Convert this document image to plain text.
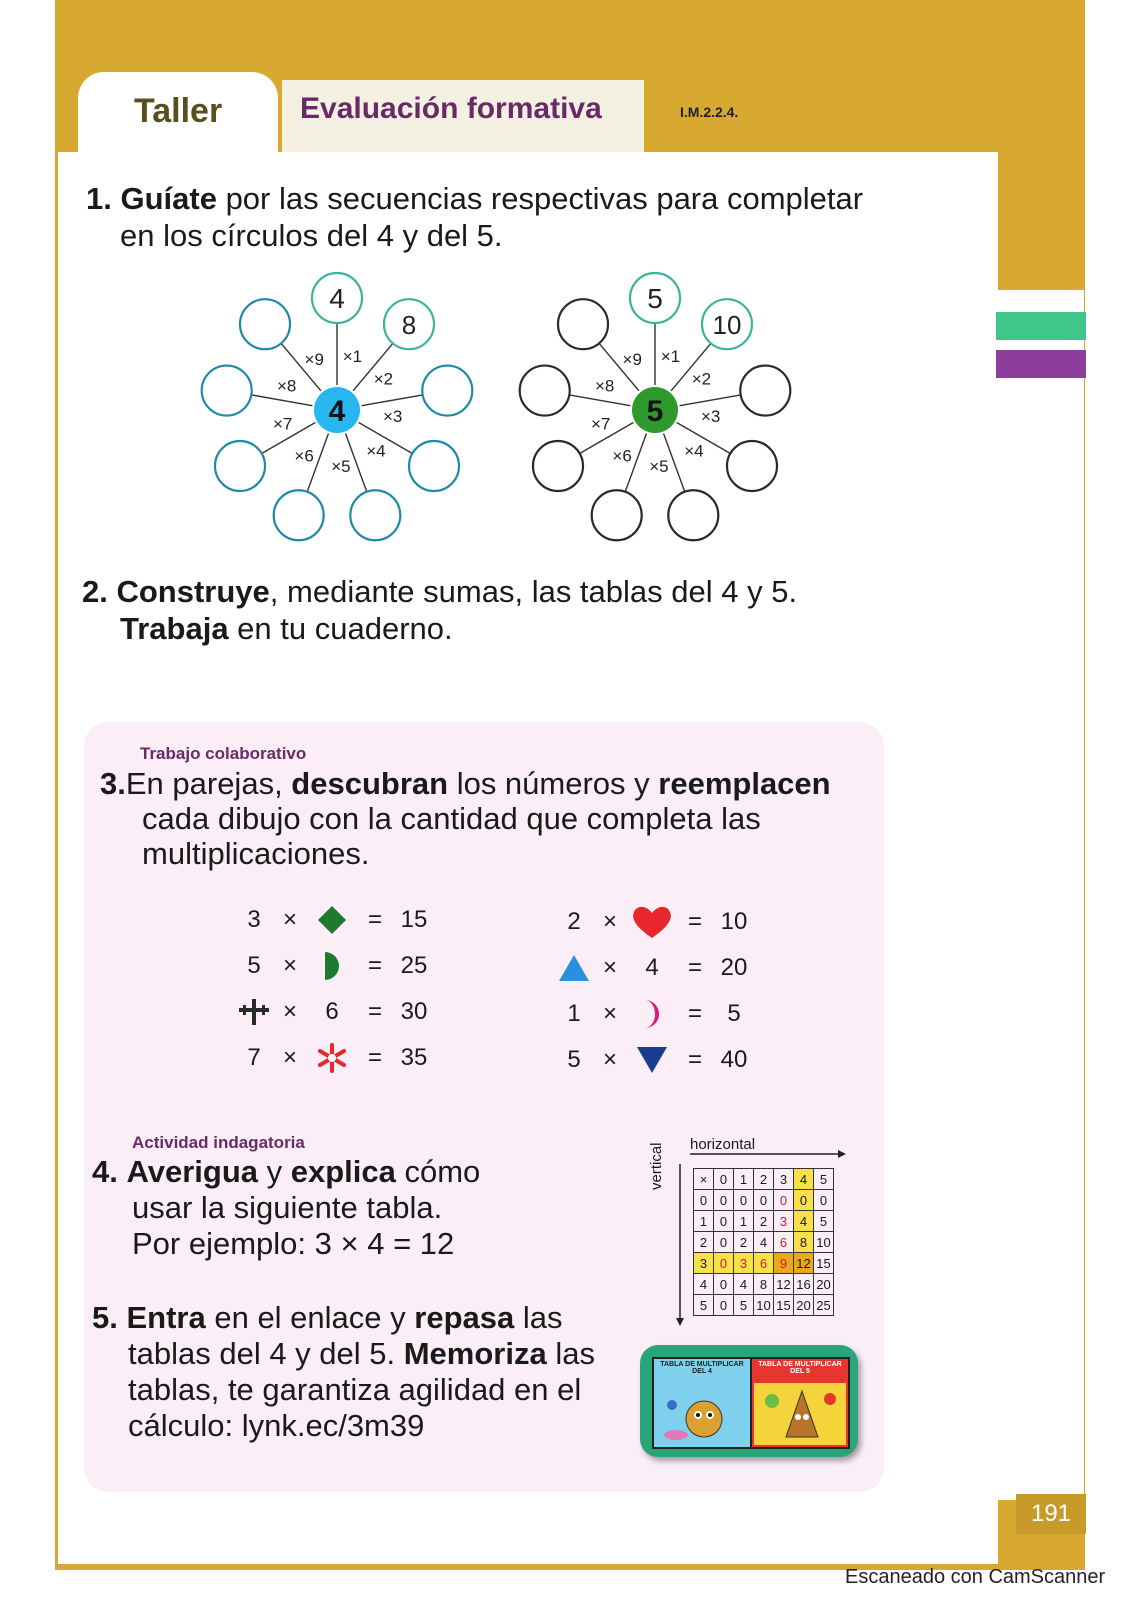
Taller	Evaluación formativa	I.M.2.2.4.
1. Guíate por las secuencias respectivas para completar
en los círculos del 4 y del 5.
×1
4
×2
8
×3
×4
×5
×6
×7
×8
×9
4
×1
5
×2
10
×3
×4
×5
×6
×7
×8
×9
5
2. Construye, mediante sumas, las tablas del 4 y 5.
Trabaja en tu cuaderno.
Trabajo colaborativo
3.En parejas, descubran los números y reemplacen
cada dibujo con la cantidad que completa las
multiplicaciones.
3 ×	= 15
5 ×	= 25
×	6	= 30
7 ×	= 35
2 ×	= 10
×	4	= 20
1 ×	=	5
5 ×	= 40
Actividad indagatoria
4. Averigua y explica cómo
usar la siguiente tabla.
Por ejemplo: 3 × 4 = 12
horizontal
vertical	×	0	1	2	3	4	5
0	0	0	0	0	0	0
1	0	1	2	3	4	5
2	0	2	4	6	8	10
3	0	3	6	9	12	15
4	0	4	8	12	16	20
5	0	5	10	15	20	25
5. Entra en el enlace y repasa las
tablas del 4 y del 5. Memoriza las
tablas, te garantiza agilidad en el
cálculo: lynk.ec/3m39
TABLA DE MULTIPLICAR DEL 4
TABLA DE MULTIPLICAR DEL 5
191
Escaneado con CamScanner
